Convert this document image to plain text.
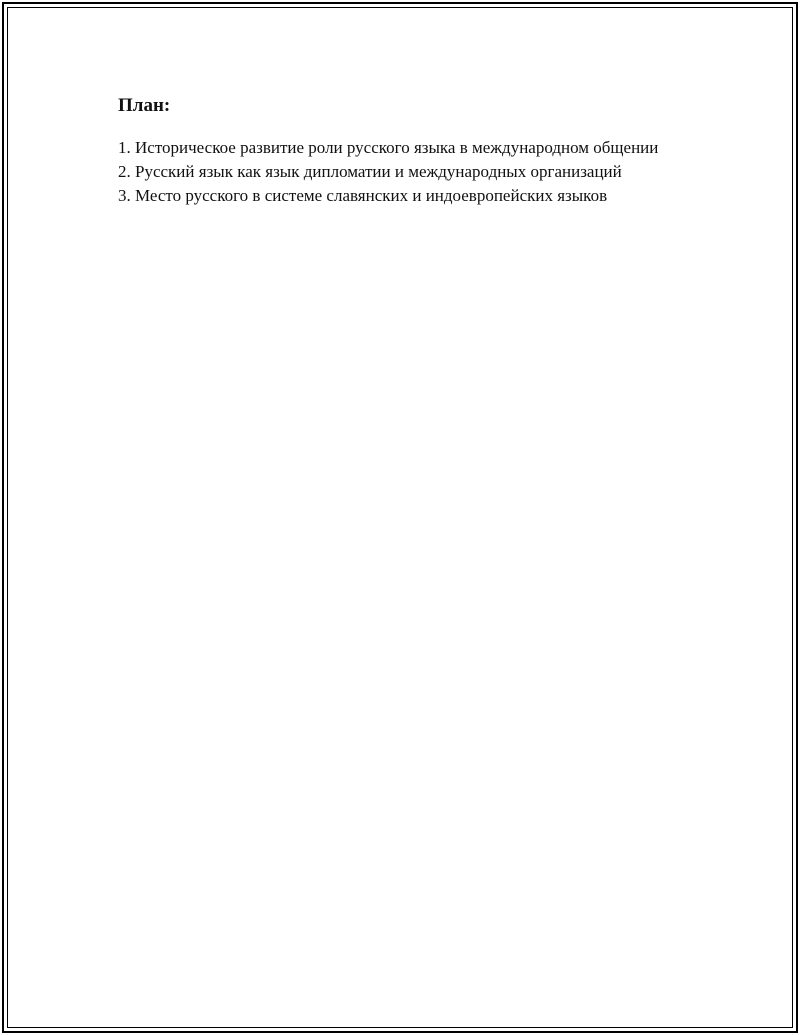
План:
1. Историческое развитие роли русского языка в международном общении
2. Русский язык как язык дипломатии и международных организаций
3. Место русского в системе славянских и индоевропейских языков
